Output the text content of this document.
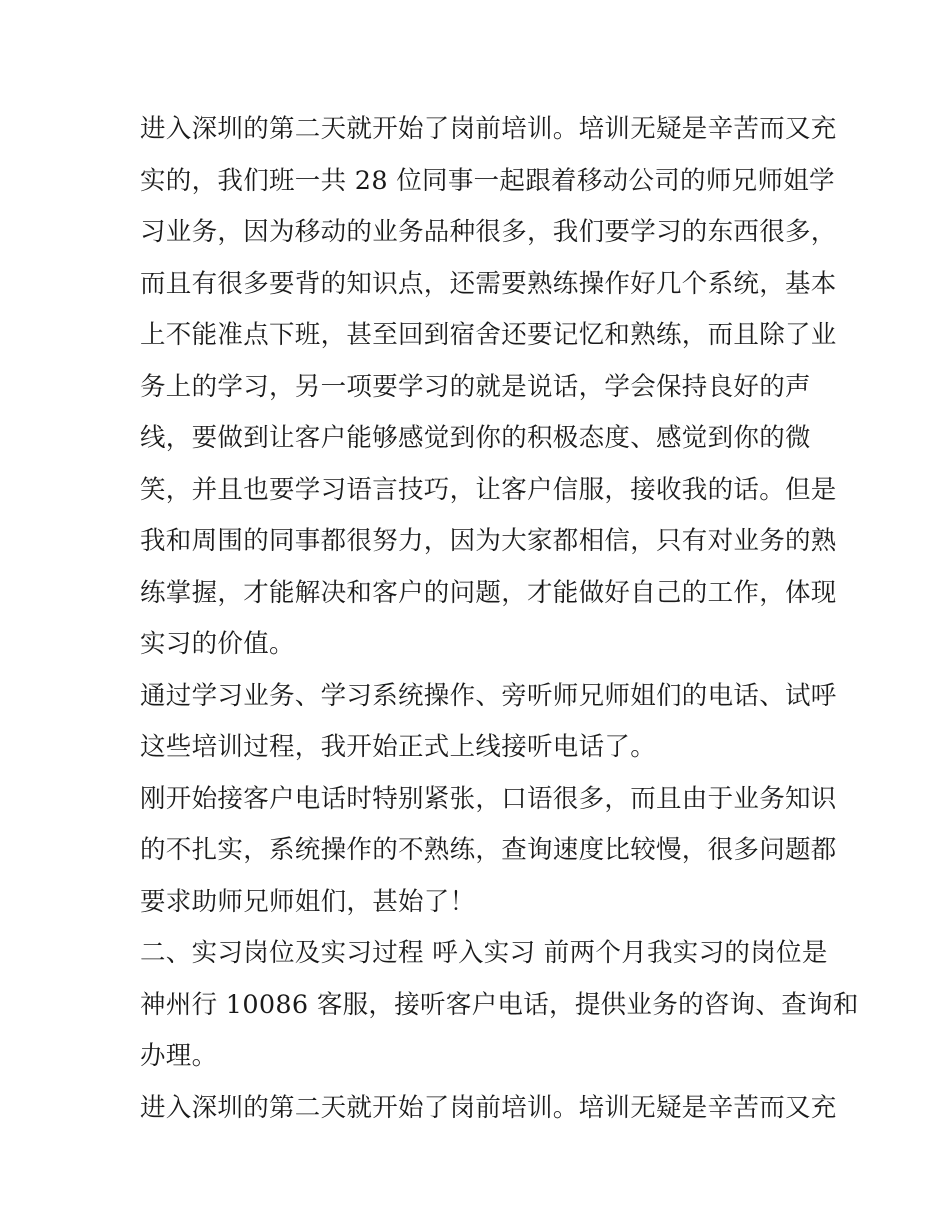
进入深圳的第二天就开始了岗前培训。培训无疑是辛苦而又充
实的，我们班一共 28 位同事一起跟着移动公司的师兄师姐学
习业务，因为移动的业务品种很多，我们要学习的东西很多，
而且有很多要背的知识点，还需要熟练操作好几个系统，基本
上不能准点下班，甚至回到宿舍还要记忆和熟练，而且除了业
务上的学习，另一项要学习的就是说话，学会保持良好的声
线，要做到让客户能够感觉到你的积极态度、感觉到你的微
笑，并且也要学习语言技巧，让客户信服，接收我的话。但是
我和周围的同事都很努力，因为大家都相信，只有对业务的熟
练掌握，才能解决和客户的问题，才能做好自己的工作，体现
实习的价值。

通过学习业务、学习系统操作、旁听师兄师姐们的电话、试呼
这些培训过程，我开始正式上线接听电话了。

刚开始接客户电话时特别紧张，口语很多，而且由于业务知识
的不扎实，系统操作的不熟练，查询速度比较慢，很多问题都
要求助师兄师姐们，甚始了！

二、实习岗位及实习过程 呼入实习 前两个月我实习的岗位是
神州行 10086 客服，接听客户电话，提供业务的咨询、查询和
办理。

进入深圳的第二天就开始了岗前培训。培训无疑是辛苦而又充
